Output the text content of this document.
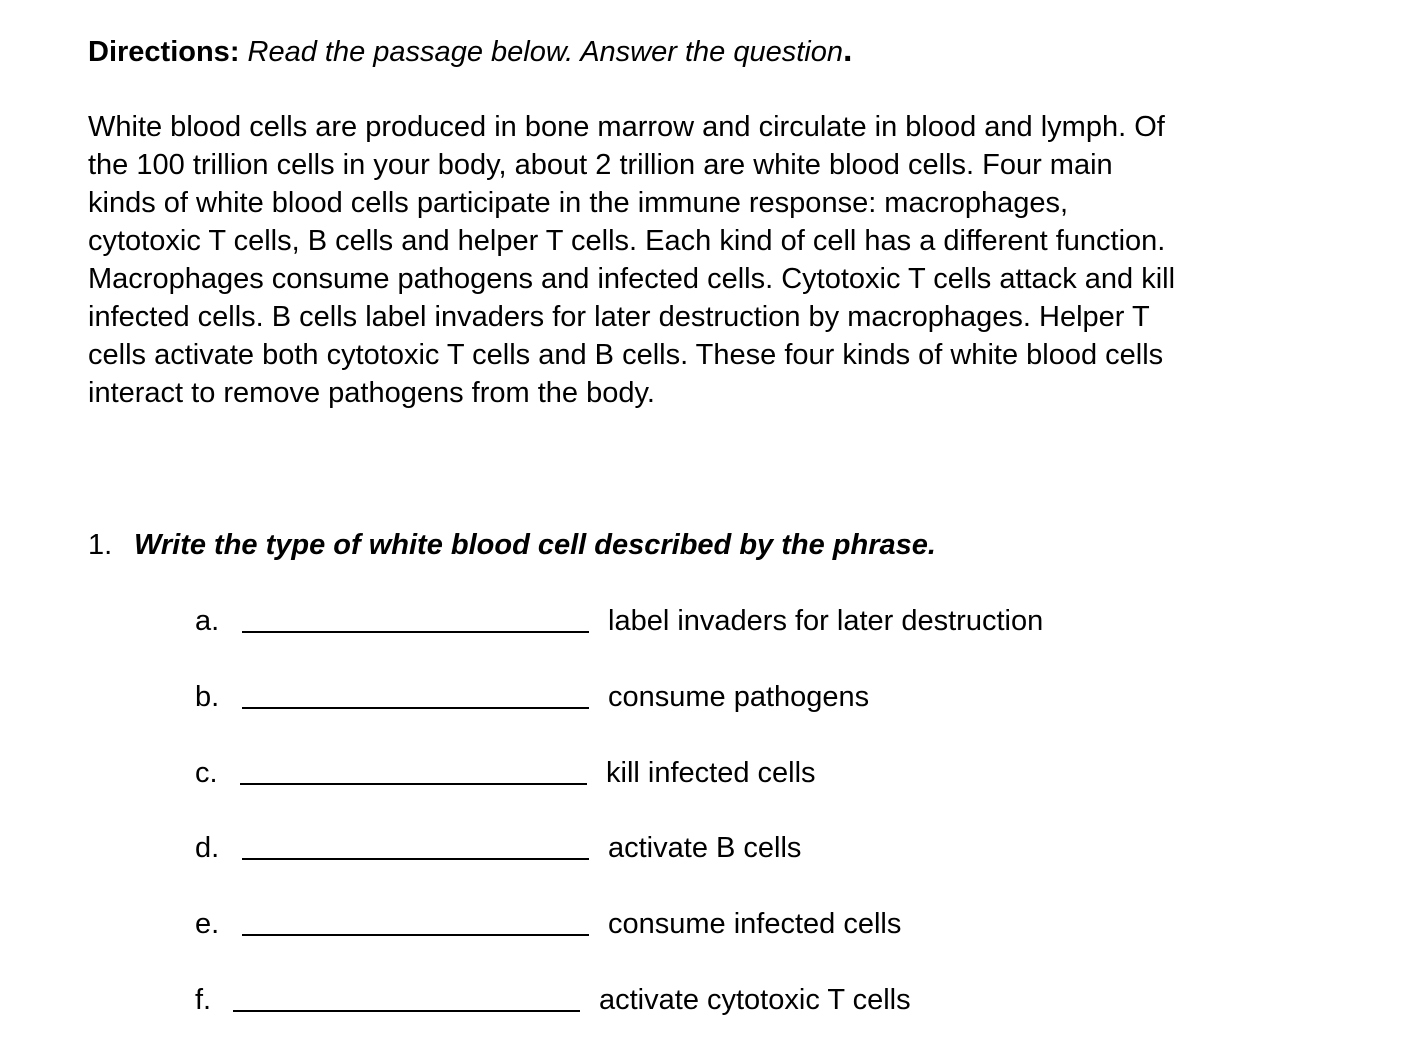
Directions: Read the passage below. Answer the question.
White blood cells are produced in bone marrow and circulate in blood and lymph. Of
the 100 trillion cells in your body, about 2 trillion are white blood cells. Four main
kinds of white blood cells participate in the immune response: macrophages,
cytotoxic T cells, B cells and helper T cells. Each kind of cell has a different function.
Macrophages consume pathogens and infected cells. Cytotoxic T cells attack and kill
infected cells. B cells label invaders for later destruction by macrophages. Helper T
cells activate both cytotoxic T cells and B cells. These four kinds of white blood cells
interact to remove pathogens from the body.
1. Write the type of white blood cell described by the phrase.
a.	label invaders for later destruction
b.	consume pathogens
c.	kill infected cells
d.	activate B cells
e.	consume infected cells
f.	activate cytotoxic T cells
